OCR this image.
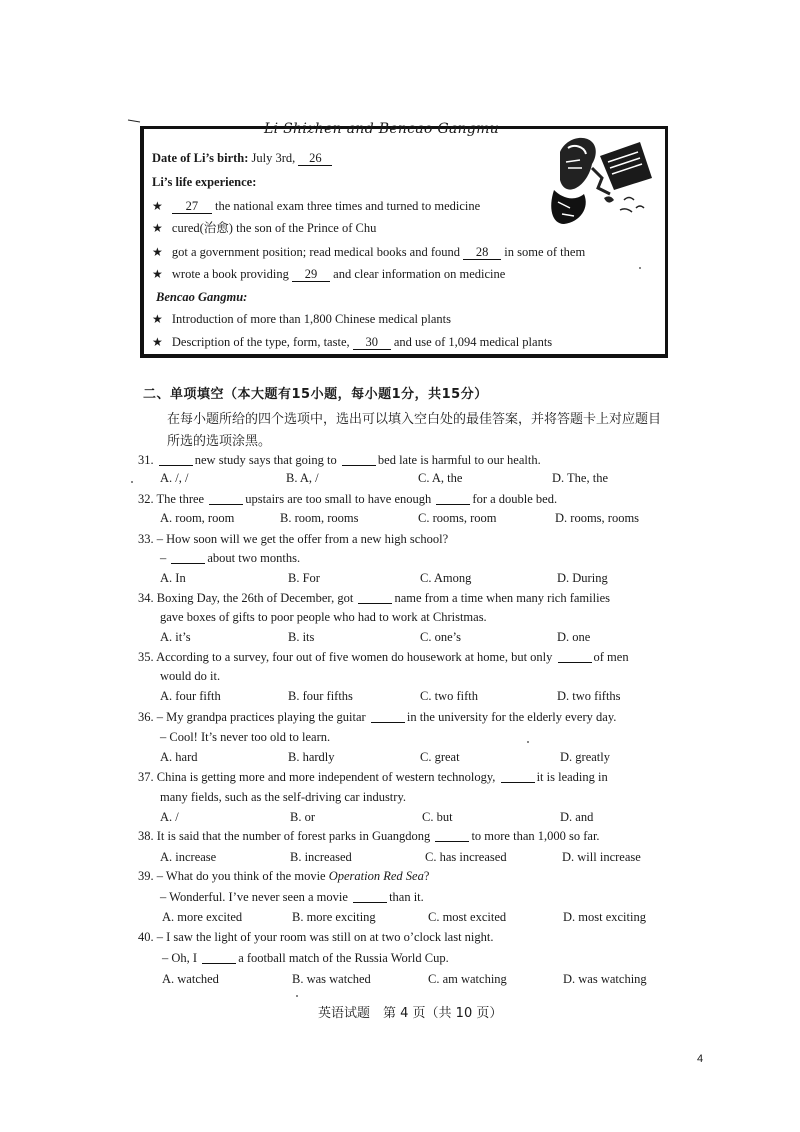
Li Shizhen and Bencao Gangmu
Date of Li’s birth: July 3rd, 26
Li’s life experience:
★ 27 the national exam three times and turned to medicine
★ cured(治愈) the son of the Prince of Chu
★ got a government position; read medical books and found 28 in some of them
★ wrote a book providing 29 and clear information on medicine
Bencao Gangmu:
★ Introduction of more than 1,800 Chinese medical plants
★ Description of the type, form, taste, 30 and use of 1,094 medical plants
二、单项填空（本大题有15小题，每小题1分，共15分）
在每小题所给的四个选项中，选出可以填入空白处的最佳答案，并将答题卡上对应题目
所选的选项涂黑。
31.	new study says that going to	bed late is harmful to our health.
A. /, /	B. A, /	C. A, the	D. The, the
32. The three	upstairs are too small to have enough	for a double bed.
A. room, room	B. room, rooms	C. rooms, room	D. rooms, rooms
33. – How soon will we get the offer from a new high school?
–	about two months.
A. In	B. For	C. Among	D. During
34. Boxing Day, the 26th of December, got	name from a time when many rich families
gave boxes of gifts to poor people who had to work at Christmas.
A. it’s	B. its	C. one’s	D. one
35. According to a survey, four out of five women do housework at home, but only	of men
would do it.
A. four fifth	B. four fifths	C. two fifth	D. two fifths
36. – My grandpa practices playing the guitar	in the university for the elderly every day.
– Cool! It’s never too old to learn.
A. hard	B. hardly	C. great	D. greatly
37. China is getting more and more independent of western technology,	it is leading in
many fields, such as the self-driving car industry.
A. /	B. or	C. but	D. and
38. It is said that the number of forest parks in Guangdong	to more than 1,000 so far.
A. increase	B. increased	C. has increased	D. will increase
39. – What do you think of the movie Operation Red Sea?
– Wonderful. I’ve never seen a movie	than it.
A. more excited	B. more exciting	C. most excited	D. most exciting
40. – I saw the light of your room was still on at two o’clock last night.
– Oh, I	a football match of the Russia World Cup.
A. watched	B. was watched	C. am watching	D. was watching
英语试题　第 4 页（共 10 页）
4
